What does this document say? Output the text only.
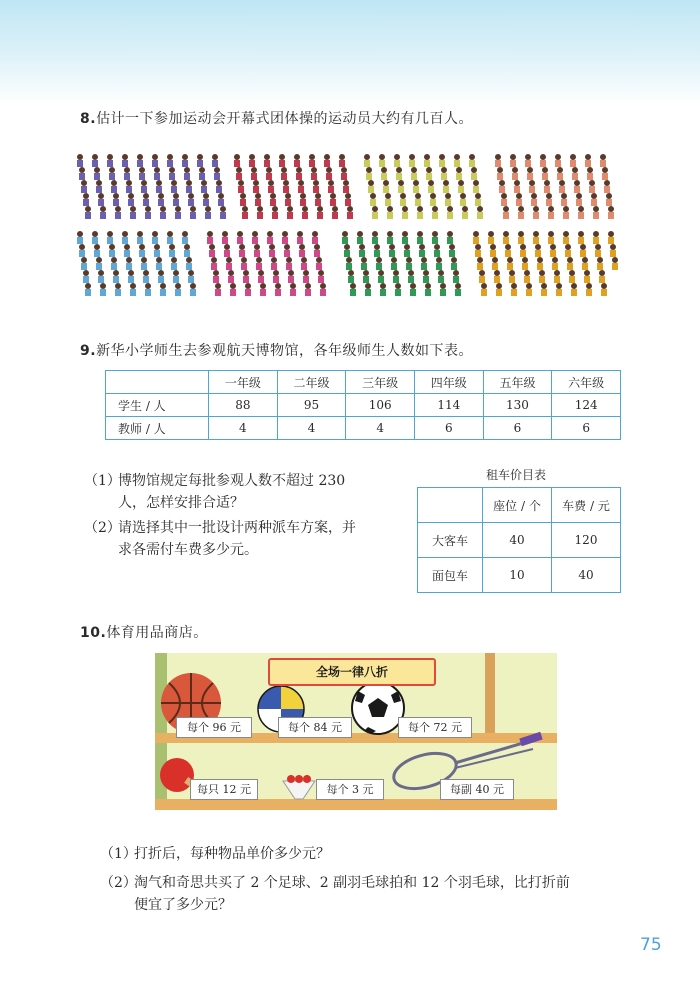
8.估计一下参加运动会开幕式团体操的运动员大约有几百人。
9.新华小学师生去参观航天博物馆，各年级师生人数如下表。
	一年级	二年级	三年级	四年级	五年级	六年级
学生 / 人	88	95	106	114	130	124
教师 / 人	4	4	4	6	6	6
（1）博物馆规定每批参观人数不超过 230
人，怎样安排合适？
（2）请选择其中一批设计两种派车方案，并
求各需付车费多少元。
租车价目表
	座位 / 个	车费 / 元
大客车	40	120
面包车	10	40
10.体育用品商店。
全场一律八折
每个 96 元	每个 84 元	每个 72 元
每只 12 元	每个 3 元	每副 40 元
（1）打折后，每种物品单价多少元？
（2）淘气和奇思共买了 2 个足球、2 副羽毛球拍和 12 个羽毛球，比打折前
便宜了多少元？
75
